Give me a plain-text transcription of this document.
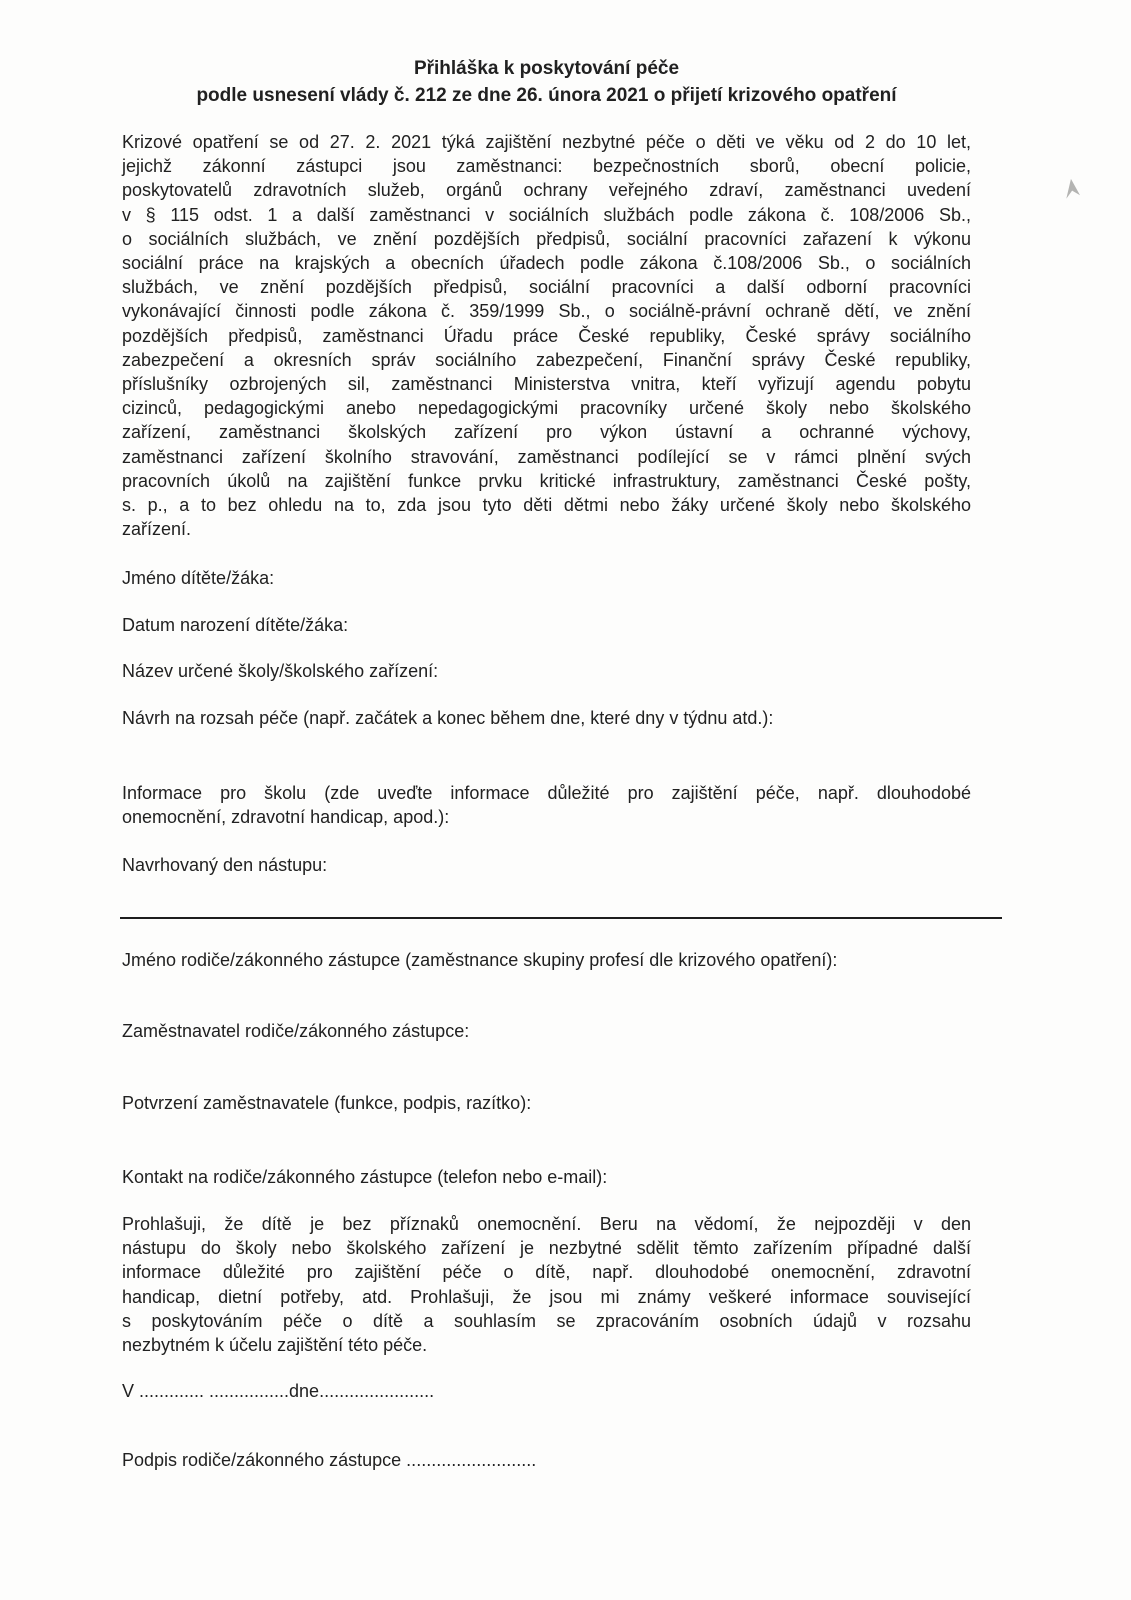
Přihláška k poskytování péče
podle usnesení vlády č. 212 ze dne 26. února 2021 o přijetí krizového opatření
Krizové opatření se od 27. 2. 2021 týká zajištění nezbytné péče o děti ve věku od 2 do 10 let,
jejichž zákonní zástupci jsou zaměstnanci: bezpečnostních sborů, obecní policie,
poskytovatelů zdravotních služeb, orgánů ochrany veřejného zdraví, zaměstnanci uvedení
v § 115 odst. 1 a další zaměstnanci v sociálních službách podle zákona č. 108/2006 Sb.,
o sociálních službách, ve znění pozdějších předpisů, sociální pracovníci zařazení k výkonu
sociální práce na krajských a obecních úřadech podle zákona č.108/2006 Sb., o sociálních
službách, ve znění pozdějších předpisů, sociální pracovníci a další odborní pracovníci
vykonávající činnosti podle zákona č. 359/1999 Sb., o sociálně-právní ochraně dětí, ve znění
pozdějších předpisů, zaměstnanci Úřadu práce České republiky, České správy sociálního
zabezpečení a okresních správ sociálního zabezpečení, Finanční správy České republiky,
příslušníky ozbrojených sil, zaměstnanci Ministerstva vnitra, kteří vyřizují agendu pobytu
cizinců, pedagogickými anebo nepedagogickými pracovníky určené školy nebo školského
zařízení, zaměstnanci školských zařízení pro výkon ústavní a ochranné výchovy,
zaměstnanci zařízení školního stravování, zaměstnanci podílející se v rámci plnění svých
pracovních úkolů na zajištění funkce prvku kritické infrastruktury, zaměstnanci České pošty,
s. p., a to bez ohledu na to, zda jsou tyto děti dětmi nebo žáky určené školy nebo školského
zařízení.
Jméno dítěte/žáka:
Datum narození dítěte/žáka:
Název určené školy/školského zařízení:
Návrh na rozsah péče (např. začátek a konec během dne, které dny v týdnu atd.):
Informace pro školu (zde uveďte informace důležité pro zajištění péče, např. dlouhodobé
onemocnění, zdravotní handicap, apod.):
Navrhovaný den nástupu:
Jméno rodiče/zákonného zástupce (zaměstnance skupiny profesí dle krizového opatření):
Zaměstnavatel rodiče/zákonného zástupce:
Potvrzení zaměstnavatele (funkce, podpis, razítko):
Kontakt na rodiče/zákonného zástupce (telefon nebo e-mail):
Prohlašuji, že dítě je bez příznaků onemocnění. Beru na vědomí, že nejpozději v den
nástupu do školy nebo školského zařízení je nezbytné sdělit těmto zařízením případné další
informace důležité pro zajištění péče o dítě, např. dlouhodobé onemocnění, zdravotní
handicap, dietní potřeby, atd. Prohlašuji, že jsou mi známy veškeré informace související
s poskytováním péče o dítě a souhlasím se zpracováním osobních údajů v rozsahu
nezbytném k účelu zajištění této péče.
V ............. ................dne.......................
Podpis rodiče/zákonného zástupce ..........................
